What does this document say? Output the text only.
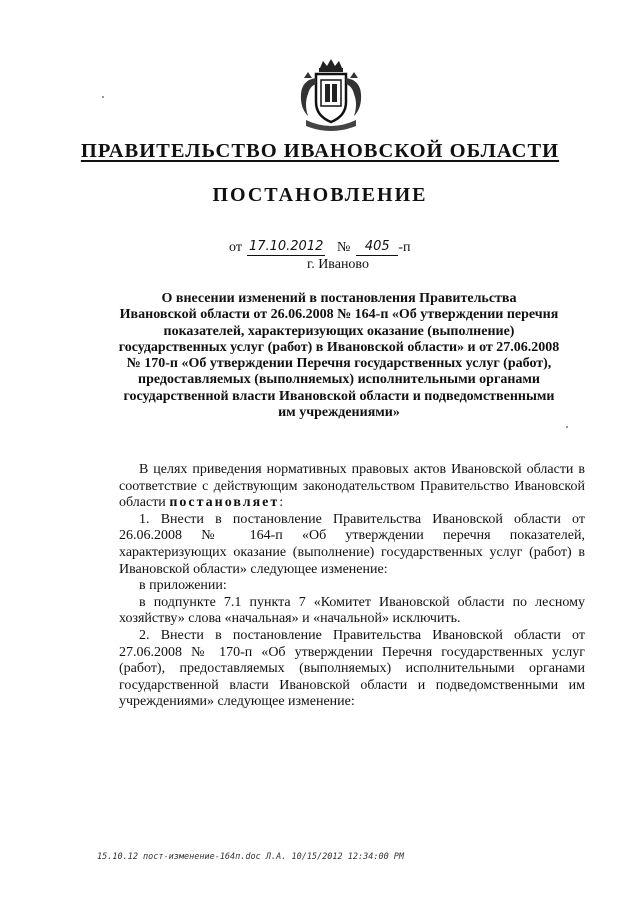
ПРАВИТЕЛЬСТВО ИВАНОВСКОЙ ОБЛАСТИ
ПОСТАНОВЛЕНИЕ
от 17.10.2012 №	405 -п
г. Иваново
О внесении изменений в постановления Правительства
Ивановской области от 26.06.2008 № 164-п «Об утверждении перечня
показателей, характеризующих оказание (выполнение)
государственных услуг (работ) в Ивановской области» и от 27.06.2008
№ 170-п «Об утверждении Перечня государственных услуг (работ),
предоставляемых (выполняемых) исполнительными органами
государственной власти Ивановской области и подведомственными
им учреждениями»

В целях приведения нормативных правовых актов Ивановской области в соответствие с действующим законодательством Правительство Ивановской области постановляет:

1. Внести в постановление Правительства Ивановской области от 26.06.2008 № 164-п «Об утверждении перечня показателей, характеризующих оказание (выполнение) государственных услуг (работ) в Ивановской области» следующее изменение:

в приложении:

в подпункте 7.1 пункта 7 «Комитет Ивановской области по лесному хозяйству» слова «начальная» и «начальной» исключить.

2. Внести в постановление Правительства Ивановской области от 27.06.2008 № 170-п «Об утверждении Перечня государственных услуг (работ), предоставляемых (выполняемых) исполнительными органами государственной власти Ивановской области и подведомственными им учреждениями» следующее изменение:

15.10.12 пост-изменение-164п.doc Л.А. 10/15/2012 12:34:00 PM
